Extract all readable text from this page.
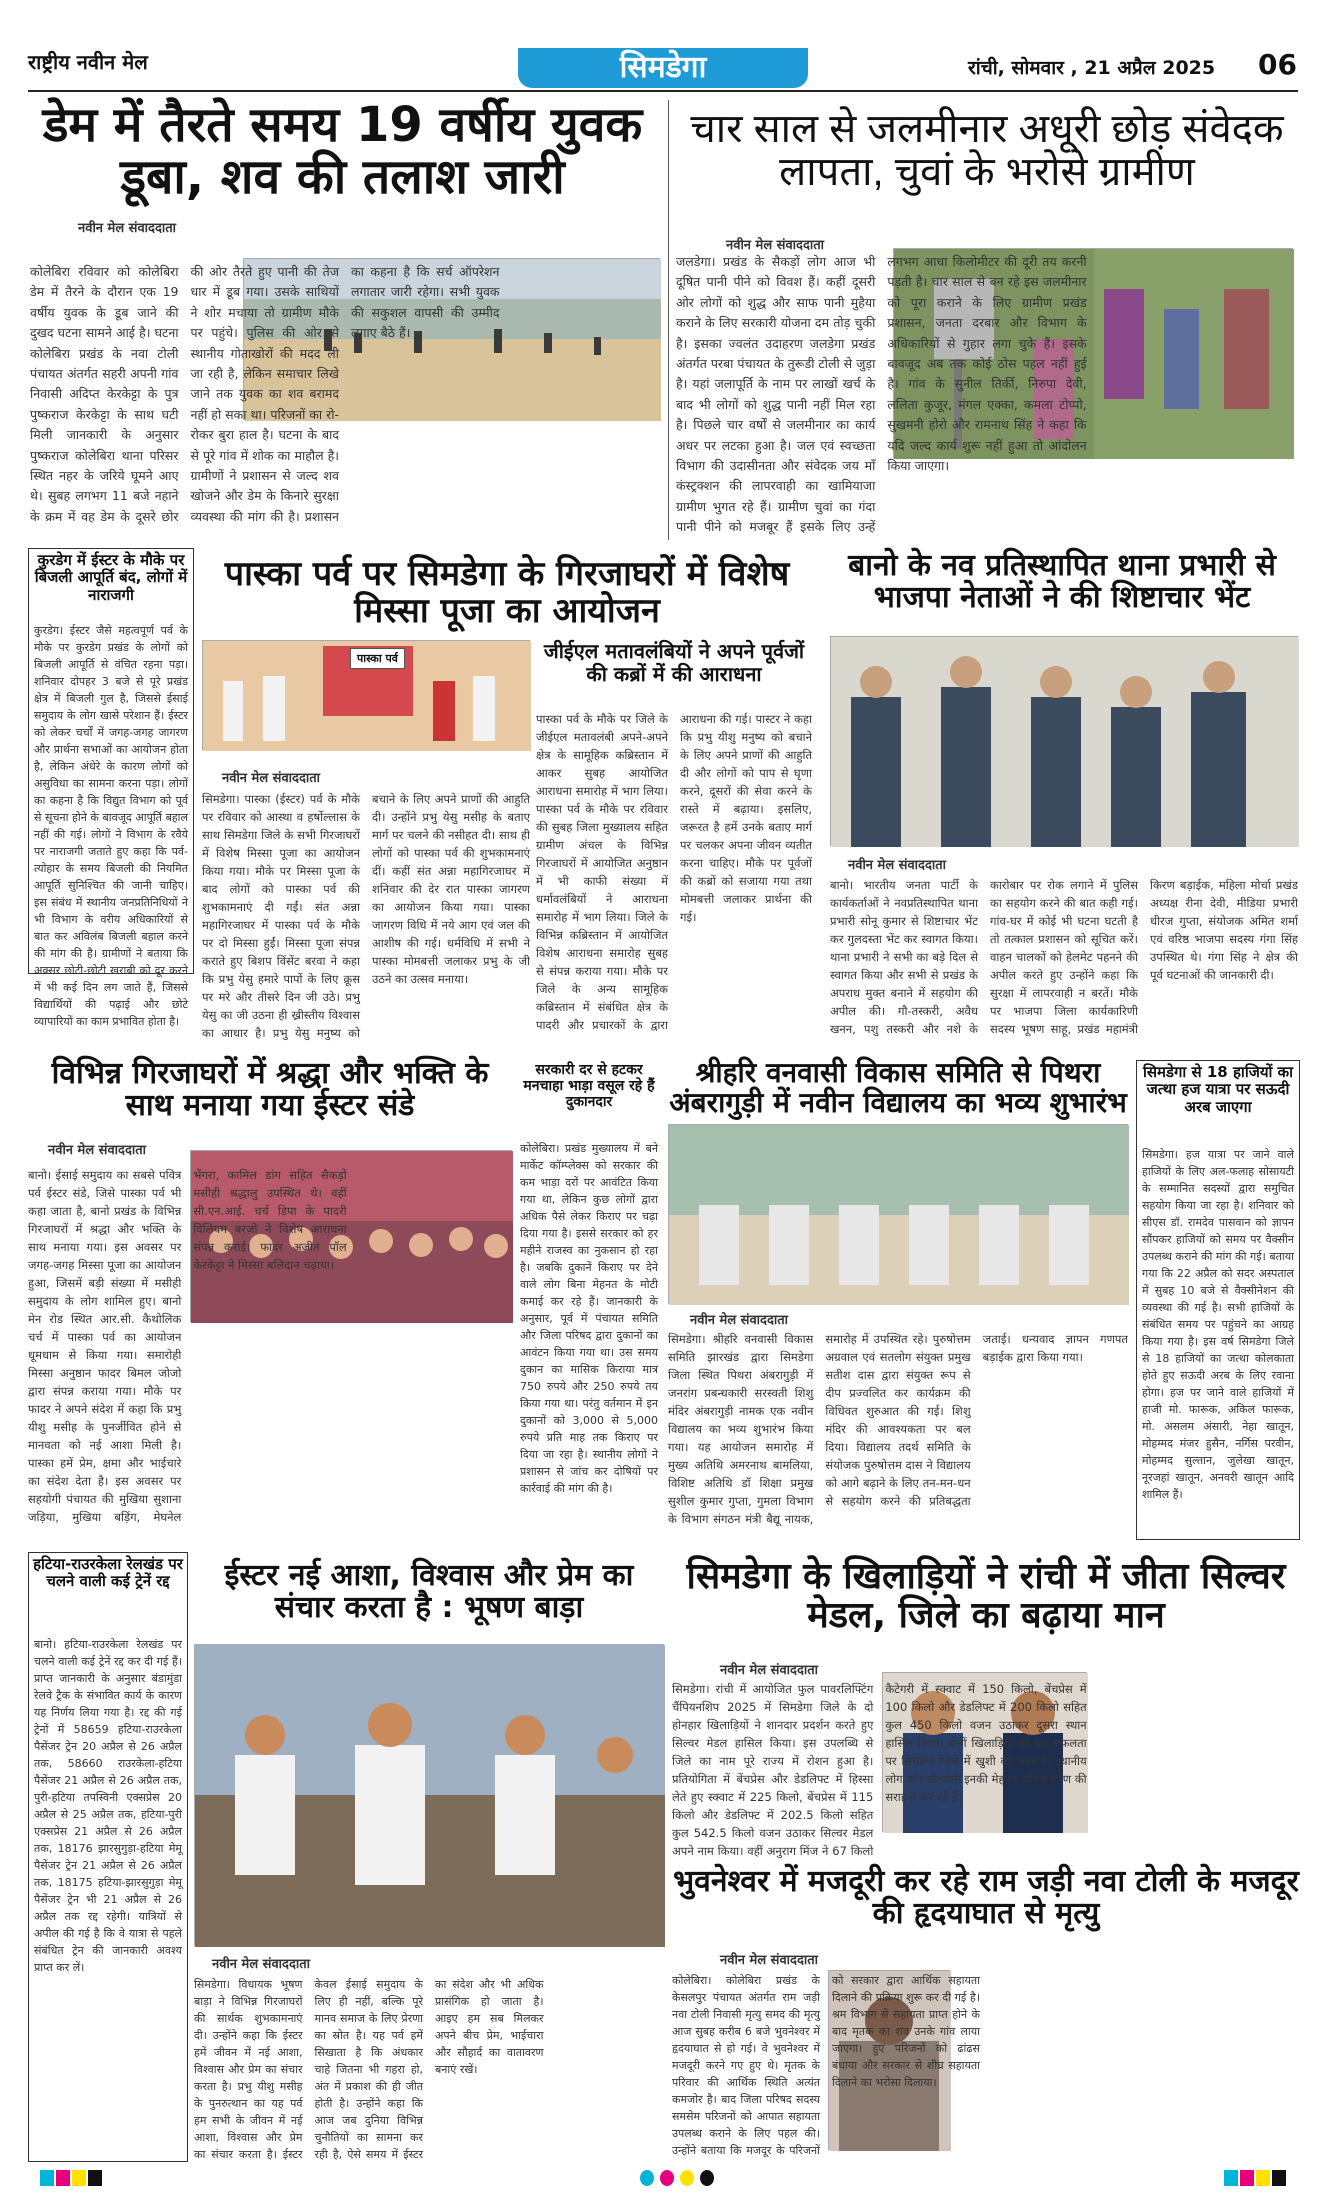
राष्ट्रीय नवीन मेल	सिमडेगा	रांची, सोमवार , 21 अप्रैल 2025 06
डेम में तैरते समय 19 वर्षीय युवक डूबा, शव की तलाश जारी
नवीन मेल संवाददाता
कोलेबिरा रविवार को कोलेबिरा डेम में तैरने के दौरान एक 19 वर्षीय युवक के डूब जाने की दुखद घटना सामने आई है। घटना कोलेबिरा प्रखंड के नवा टोली पंचायत अंतर्गत सहरी अपनी गांव निवासी अदिप्त केरकेट्टा के पुत्र पुष्कराज केरकेट्टा के साथ घटी मिली जानकारी के अनुसार पुष्कराज कोलेबिरा थाना परिसर स्थित नहर के जरिये घूमने आए थे। सुबह लगभग 11 बजे नहाने के क्रम में वह डेम के दूसरे छोर की ओर तैरते हुए पानी की तेज धार में डूब गया। उसके साथियों ने शोर मचाया तो ग्रामीण मौके पर पहुंचे। पुलिस की ओर से स्थानीय गोताखोरों की मदद ली जा रही है, लेकिन समाचार लिखे जाने तक युवक का शव बरामद नहीं हो सका था। परिजनों का रो-रोकर बुरा हाल है। घटना के बाद से पूरे गांव में शोक का माहौल है। ग्रामीणों ने प्रशासन से जल्द शव खोजने और डेम के किनारे सुरक्षा व्यवस्था की मांग की है। प्रशासन का कहना है कि सर्च ऑपरेशन लगातार जारी रहेगा। सभी युवक की सकुशल वापसी की उम्मीद लगाए बैठे हैं।
चार साल से जलमीनार अधूरी छोड़ संवेदक लापता, चुवां के भरोसे ग्रामीण
नवीन मेल संवाददाता
जलडेगा। प्रखंड के सैकड़ों लोग आज भी दूषित पानी पीने को विवश हैं। कहीं दूसरी ओर लोगों को शुद्ध और साफ पानी मुहैया कराने के लिए सरकारी योजना दम तोड़ चुकी है। इसका ज्वलंत उदाहरण जलडेगा प्रखंड अंतर्गत परबा पंचायत के तुरूडी टोली से जुड़ा है। यहां जलापूर्ति के नाम पर लाखों खर्च के बाद भी लोगों को शुद्ध पानी नहीं मिल रहा है। पिछले चार वर्षों से जलमीनार का कार्य अधर पर लटका हुआ है। जल एवं स्वच्छता विभाग की उदासीनता और संवेदक जय माँ कंस्ट्रक्शन की लापरवाही का खामियाजा ग्रामीण भुगत रहे हैं। ग्रामीण चुवां का गंदा पानी पीने को मजबूर हैं इसके लिए उन्हें लगभग आधा किलोमीटर की दूरी तय करनी पड़ती है। चार साल से बन रहे इस जलमीनार को पूरा कराने के लिए ग्रामीण प्रखंड प्रशासन, जनता दरबार और विभाग के अधिकारियों से गुहार लगा चुके हैं। इसके बावजूद अब तक कोई ठोस पहल नहीं हुई है। गांव के सुनील तिर्की, निरुपा देवी, ललिता कुजूर, मंगल एक्का, कमला टोप्पो, सुखमनी होरो और रामनाथ सिंह ने कहा कि यदि जल्द कार्य शुरू नहीं हुआ तो आंदोलन किया जाएगा।
कुरडेग में ईस्टर के मौके पर बिजली आपूर्ति बंद, लोगों में नाराजगी
कुरडेग। ईस्टर जैसे महत्वपूर्ण पर्व के मौके पर कुरडेग प्रखंड के लोगों को बिजली आपूर्ति से वंचित रहना पड़ा। शनिवार दोपहर 3 बजे से पूरे प्रखंड क्षेत्र में बिजली गुल है, जिससे ईसाई समुदाय के लोग खासे परेशान हैं। ईस्टर को लेकर चर्चों में जगह-जगह जागरण और प्रार्थना सभाओं का आयोजन होता है, लेकिन अंधेरे के कारण लोगों को असुविधा का सामना करना पड़ा। लोगों का कहना है कि विद्युत विभाग को पूर्व से सूचना होने के बावजूद आपूर्ति बहाल नहीं की गई। लोगों ने विभाग के रवैये पर नाराजगी जताते हुए कहा कि पर्व-त्योहार के समय बिजली की नियमित आपूर्ति सुनिश्चित की जानी चाहिए। इस संबंध में स्थानीय जनप्रतिनिधियों ने भी विभाग के वरीय अधिकारियों से बात कर अविलंब बिजली बहाल करने की मांग की है। ग्रामीणों ने बताया कि अक्सर छोटी-छोटी खराबी को दूर करने में भी कई दिन लग जाते हैं, जिससे विद्यार्थियों की पढ़ाई और छोटे व्यापारियों का काम प्रभावित होता है।
पास्का पर्व पर सिमडेगा के गिरजाघरों में विशेष मिस्सा पूजा का आयोजन
पास्का पर्व
नवीन मेल संवाददाता
सिमडेगा। पास्का (ईस्टर) पर्व के मौके पर रविवार को आस्था व हर्षोल्लास के साथ सिमडेगा जिले के सभी गिरजाघरों में विशेष मिस्सा पूजा का आयोजन किया गया। मौके पर मिस्सा पूजा के बाद लोगों को पास्का पर्व की शुभकामनाएं दी गईं। संत अन्ना महागिरजाघर में पास्का पर्व के मौके पर दो मिस्सा हुईं। मिस्सा पूजा संपन्न कराते हुए बिशप विंसेंट बरवा ने कहा कि प्रभु येसु हमारे पापों के लिए क्रूस पर मरे और तीसरे दिन जी उठे। प्रभु येसु का जी उठना ही ख्रीस्तीय विश्वास का आधार है। प्रभु येसु मनुष्य को बचाने के लिए अपने प्राणों की आहुति दी। उन्होंने प्रभु येसु मसीह के बताए मार्ग पर चलने की नसीहत दी। साथ ही लोगों को पास्का पर्व की शुभकामनाएं दीं। कहीं संत अन्ना महागिरजाघर में शनिवार की देर रात पास्का जागरण का आयोजन किया गया। पास्का जागरण विधि में नये आग एवं जल की आशीष की गई। धर्मविधि में सभी ने पास्का मोमबत्ती जलाकर प्रभु के जी उठने का उत्सव मनाया।
जीईएल मतावलंबियों ने अपने पूर्वजों की कब्रों में की आराधना
पास्का पर्व के मौके पर जिले के जीईएल मतावलंबी अपने-अपने क्षेत्र के सामूहिक कब्रिस्तान में आकर सुबह आयोजित आराधना समारोह में भाग लिया। पास्का पर्व के मौके पर रविवार की सुबह जिला मुख्यालय सहित ग्रामीण अंचल के विभिन्न गिरजाघरों में आयोजित अनुष्ठान में भी काफी संख्या में धर्मावलंबियों ने आराधना समारोह में भाग लिया। जिले के विभिन्न कब्रिस्तान में आयोजित विशेष आराधना समारोह सुबह से संपन्न कराया गया। मौके पर जिले के अन्य सामूहिक कब्रिस्तान में संबंधित क्षेत्र के पादरी और प्रचारकों के द्वारा आराधना की गई। पास्टर ने कहा कि प्रभु यीशु मनुष्य को बचाने के लिए अपने प्राणों की आहुति दी और लोगों को पाप से घृणा करने, दूसरों की सेवा करने के रास्ते में बढ़ाया। इसलिए, जरूरत है हमें उनके बताए मार्ग पर चलकर अपना जीवन व्यतीत करना चाहिए। मौके पर पूर्वजों की कब्रों को सजाया गया तथा मोमबत्ती जलाकर प्रार्थना की गई।
बानो के नव प्रतिस्थापित थाना प्रभारी से भाजपा नेताओं ने की शिष्टाचार भेंट
नवीन मेल संवाददाता
बानो। भारतीय जनता पार्टी के कार्यकर्ताओं ने नवप्रतिस्थापित थाना प्रभारी सोनू कुमार से शिष्टाचार भेंट कर गुलदस्ता भेंट कर स्वागत किया। थाना प्रभारी ने सभी का बड़े दिल से स्वागत किया और सभी से प्रखंड के अपराध मुक्त बनाने में सहयोग की अपील की। गौ-तस्करी, अवैध खनन, पशु तस्करी और नशे के कारोबार पर रोक लगाने में पुलिस का सहयोग करने की बात कही गई। गांव-घर में कोई भी घटना घटती है तो तत्काल प्रशासन को सूचित करें। वाहन चालकों को हेलमेट पहनने की अपील करते हुए उन्होंने कहा कि सुरक्षा में लापरवाही न बरतें। मौके पर भाजपा जिला कार्यकारिणी सदस्य भूषण साहू, प्रखंड महामंत्री किरण बड़ाईक, महिला मोर्चा प्रखंड अध्यक्ष रीना देवी, मीडिया प्रभारी धीरज गुप्ता, संयोजक अमित शर्मा एवं वरिष्ठ भाजपा सदस्य गंगा सिंह उपस्थित थे। गंगा सिंह ने क्षेत्र की पूर्व घटनाओं की जानकारी दी।
विभिन्न गिरजाघरों में श्रद्धा और भक्ति के साथ मनाया गया ईस्टर संडे
नवीन मेल संवाददाता
बानो। ईसाई समुदाय का सबसे पवित्र पर्व ईस्टर संडे, जिसे पास्का पर्व भी कहा जाता है, बानो प्रखंड के विभिन्न गिरजाघरों में श्रद्धा और भक्ति के साथ मनाया गया। इस अवसर पर जगह-जगह मिस्सा पूजा का आयोजन हुआ, जिसमें बड़ी संख्या में मसीही समुदाय के लोग शामिल हुए। बानो मेन रोड स्थित आर.सी. कैथोलिक चर्च में पास्का पर्व का आयोजन धूमधाम से किया गया। समारोही मिस्सा अनुष्ठान फादर बिमल जोजो द्वारा संपन्न कराया गया। मौके पर फादर ने अपने संदेश में कहा कि प्रभु यीशु मसीह के पुनर्जीवित होने से मानवता को नई आशा मिली है। पास्का हमें प्रेम, क्षमा और भाईचारे का संदेश देता है। इस अवसर पर सहयोगी पंचायत की मुखिया सुशाना जड़िया, मुखिया बड़िंग, मेघनेल भेंगरा, कामिल डांग सहित सैकड़ों मसीही श्रद्धालु उपस्थित थे। वहीं सी.एन.आई. चर्च डिपा के पादरी विलियम बरजो ने विशेष आराधना संपन्न कराई। फादर अजीत पॉल केरकेट्टा ने मिस्सा बलिदान चढ़ाया।
सरकारी दर से हटकर मनचाहा भाड़ा वसूल रहे हैं दुकानदार
कोलेबिरा। प्रखंड मुख्यालय में बने मार्केट कॉम्प्लेक्स को सरकार की कम भाड़ा दरों पर आवंटित किया गया था, लेकिन कुछ लोगों द्वारा अधिक पैसे लेकर किराए पर चढ़ा दिया गया है। इससे सरकार को हर महीने राजस्व का नुकसान हो रहा है। जबकि दुकानें किराए पर देने वाले लोग बिना मेहनत के मोटी कमाई कर रहे हैं। जानकारी के अनुसार, पूर्व में पंचायत समिति और जिला परिषद द्वारा दुकानों का आवंटन किया गया था। उस समय दुकान का मासिक किराया मात्र 750 रुपये और 250 रुपये तय किया गया था। परंतु वर्तमान में इन दुकानों को 3,000 से 5,000 रुपये प्रति माह तक किराए पर दिया जा रहा है। स्थानीय लोगों ने प्रशासन से जांच कर दोषियों पर कार्रवाई की मांग की है।
श्रीहरि वनवासी विकास समिति से पिथरा अंबरागुड़ी में नवीन विद्यालय का भव्य शुभारंभ
नवीन मेल संवाददाता
सिमडेगा। श्रीहरि वनवासी विकास समिति झारखंड द्वारा सिमडेगा जिला स्थित पिथरा अंबरागुड़ी में जनरांग प्रबन्धकारी सरस्वती शिशु मंदिर अंबरागुड़ी नामक एक नवीन विद्यालय का भव्य शुभारंभ किया गया। यह आयोजन समारोह में मुख्य अतिथि अमरनाथ बामलिया, विशिष्ट अतिथि डॉ शिक्षा प्रमुख सुशील कुमार गुप्ता, गुमला विभाग के विभाग संगठन मंत्री बैद्यू नायक, समारोह में उपस्थित रहे। पुरुषोत्तम अग्रवाल एवं सतलोग संयुक्त प्रमुख सतीश दास द्वारा संयुक्त रूप से दीप प्रज्वलित कर कार्यक्रम की विधिवत शुरुआत की गई। शिशु मंदिर की आवश्यकता पर बल दिया। विद्यालय तदर्थ समिति के संयोजक पुरुषोत्तम दास ने विद्यालय को आगे बढ़ाने के लिए तन-मन-धन से सहयोग करने की प्रतिबद्धता जताई। धन्यवाद ज्ञापन गणपत बड़ाईक द्वारा किया गया।
सिमडेगा से 18 हाजियों का जत्था हज यात्रा पर सऊदी अरब जाएगा
सिमडेगा। हज यात्रा पर जाने वाले हाजियों के लिए अल-फलाह सोसायटी के सम्मानित सदस्यों द्वारा समुचित सहयोग किया जा रहा है। शनिवार को सीएस डॉ. रामदेव पासवान को ज्ञापन सौंपकर हाजियों को समय पर वैक्सीन उपलब्ध कराने की मांग की गई। बताया गया कि 22 अप्रैल को सदर अस्पताल में सुबह 10 बजे से वैक्सीनेशन की व्यवस्था की गई है। सभी हाजियों के संबंधित समय पर पहुंचने का आग्रह किया गया है। इस वर्ष सिमडेगा जिले से 18 हाजियों का जत्था कोलकाता होते हुए सऊदी अरब के लिए रवाना होगा। हज पर जाने वाले हाजियों में हाजी मो. फारूक, अकिल फारूक, मो. असलम अंसारी, नेहा खातून, मोहम्मद मंजर हुसैन, नर्गिस परवीन, मोहम्मद सुल्तान, जुलेखा खातून, नूरजहां खातून, अनवरी खातून आदि शामिल हैं।
हटिया-राउरकेला रेलखंड पर चलने वाली कई ट्रेनें रद्द
बानो। हटिया-राउरकेला रेलखंड पर चलने वाली कई ट्रेनें रद्द कर दी गई हैं। प्राप्त जानकारी के अनुसार बंडामुंडा रेलवे ट्रैक के संभावित कार्य के कारण यह निर्णय लिया गया है। रद्द की गई ट्रेनों में 58659 हटिया-राउरकेला पैसेंजर ट्रेन 20 अप्रैल से 26 अप्रैल तक, 58660 राउरकेला-हटिया पैसेंजर 21 अप्रैल से 26 अप्रैल तक, पुरी-हटिया तपस्विनी एक्सप्रेस 20 अप्रैल से 25 अप्रैल तक, हटिया-पुरी एक्सप्रेस 21 अप्रैल से 26 अप्रैल तक, 18176 झारसुगुड़ा-हटिया मेमू पैसेंजर ट्रेन 21 अप्रैल से 26 अप्रैल तक, 18175 हटिया-झारसुगुड़ा मेमू पैसेंजर ट्रेन भी 21 अप्रैल से 26 अप्रैल तक रद्द रहेगी। यात्रियों से अपील की गई है कि वे यात्रा से पहले संबंधित ट्रेन की जानकारी अवश्य प्राप्त कर लें।
ईस्टर नई आशा, विश्वास और प्रेम का संचार करता है : भूषण बाड़ा
नवीन मेल संवाददाता
सिमडेगा। विधायक भूषण बाड़ा ने विभिन्न गिरजाघरों की सार्थक शुभकामनाएं दी। उन्होंने कहा कि ईस्टर हमें जीवन में नई आशा, विश्वास और प्रेम का संचार करता है। प्रभु यीशु मसीह के पुनरुत्थान का यह पर्व हम सभी के जीवन में नई आशा, विश्वास और प्रेम का संचार करता है। ईस्टर केवल ईसाई समुदाय के लिए ही नहीं, बल्कि पूरे मानव समाज के लिए प्रेरणा का स्रोत है। यह पर्व हमें सिखाता है कि अंधकार चाहे जितना भी गहरा हो, अंत में प्रकाश की ही जीत होती है। उन्होंने कहा कि आज जब दुनिया विभिन्न चुनौतियों का सामना कर रही है, ऐसे समय में ईस्टर का संदेश और भी अधिक प्रासंगिक हो जाता है। आइए हम सब मिलकर अपने बीच प्रेम, भाईचारा और सौहार्द का वातावरण बनाएं रखें।
सिमडेगा के खिलाड़ियों ने रांची में जीता सिल्वर मेडल, जिले का बढ़ाया मान
नवीन मेल संवाददाता
सिमडेगा। रांची में आयोजित फुल पावरलिफ्टिंग चैंपियनशिप 2025 में सिमडेगा जिले के दो होनहार खिलाड़ियों ने शानदार प्रदर्शन करते हुए सिल्वर मेडल हासिल किया। इस उपलब्धि से जिले का नाम पूरे राज्य में रोशन हुआ है। प्रतियोगिता में बेंचप्रेस और डेडलिफ्ट में हिस्सा लेते हुए स्क्वाट में 225 किलो, बेंचप्रेस में 115 किलो और डेडलिफ्ट में 202.5 किलो सहित कुल 542.5 किलो वजन उठाकर सिल्वर मेडल अपने नाम किया। वहीं अनुराग मिंज ने 67 किलो कैटेगरी में स्क्वाट में 150 किलो, बेंचप्रेस में 100 किलो और डेडलिफ्ट में 200 किलो सहित कुल 450 किलो वजन उठाकर दूसरा स्थान हासिल किया। दोनों खिलाड़ियों की इस सफलता पर सिमडेगा जिले में खुशी की लहर है। स्थानीय लोग और खेलप्रेमी इनकी मेहनत और समर्पण की सराहना कर रहे हैं।
भुवनेश्वर में मजदूरी कर रहे राम जड़ी नवा टोली के मजदूर की हृदयाघात से मृत्यु
नवीन मेल संवाददाता
कोलेबिरा। कोलेबिरा प्रखंड के केसलपुर पंचायत अंतर्गत राम जड़ी नवा टोली निवासी मृत्यु समद की मृत्यु आज सुबह करीब 6 बजे भुवनेश्वर में हृदयाघात से हो गई। वे भुवनेश्वर में मजदूरी करने गए हुए थे। मृतक के परिवार की आर्थिक स्थिति अत्यंत कमजोर है। बाद जिला परिषद सदस्य समसेम परिजनों को आपात सहायता उपलब्ध कराने के लिए पहल की। उन्होंने बताया कि मजदूर के परिजनों को सरकार द्वारा आर्थिक सहायता दिलाने की प्रक्रिया शुरू कर दी गई है। श्रम विभाग से सहायता प्राप्त होने के बाद मृतक का शव उनके गांव लाया जाएगा। हुए परिजनों को ढांढस बंधाया और सरकार से शीघ्र सहायता दिलाने का भरोसा दिलाया।
